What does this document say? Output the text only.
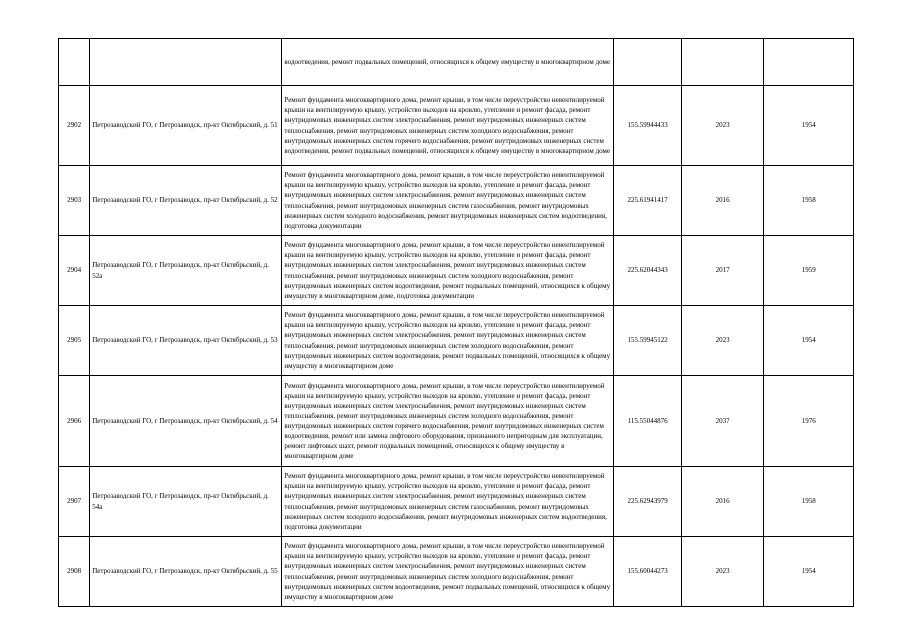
		водоотведения, ремонт подвальных помещений, относящихся к общему имуществу в многоквартирном доме			
2902	Петрозаводский ГО, г Петрозаводск, пр-кт Октябрьский, д. 51	Ремонт фундамента многоквартирного дома, ремонт крыши, в том числе переустройство невентилируемой крыши на вентилируемую крышу, устройство выходов на кровлю, утепление и ремонт фасада, ремонт внутридомовых инженерных систем электроснабжения, ремонт внутридомовых инженерных систем теплоснабжения, ремонт внутридомовых инженерных систем холодного водоснабжения, ремонт внутридомовых инженерных систем горячего водоснабжения, ремонт внутридомовых инженерных систем водоотведения, ремонт подвальных помещений, относящихся к общему имуществу в многоквартирном доме	155.59944433	2023	1954
2903	Петрозаводский ГО, г Петрозаводск, пр-кт Октябрьский, д. 52	Ремонт фундамента многоквартирного дома, ремонт крыши, в том числе переустройство невентилируемой крыши на вентилируемую крышу, устройство выходов на кровлю, утепление и ремонт фасада, ремонт внутридомовых инженерных систем электроснабжения, ремонт внутридомовых инженерных систем теплоснабжения, ремонт внутридомовых инженерных систем газоснабжения, ремонт внутридомовых инженерных систем холодного водоснабжения, ремонт внутридомовых инженерных систем водоотведения, подготовка документации	225.61941417	2016	1958
2904	Петрозаводский ГО, г Петрозаводск, пр-кт Октябрьский, д. 52а	Ремонт фундамента многоквартирного дома, ремонт крыши, в том числе переустройство невентилируемой крыши на вентилируемую крышу, устройство выходов на кровлю, утепление и ремонт фасада, ремонт внутридомовых инженерных систем электроснабжения, ремонт внутридомовых инженерных систем теплоснабжения, ремонт внутридомовых инженерных систем холодного водоснабжения, ремонт внутридомовых инженерных систем водоотведения, ремонт подвальных помещений, относящихся к общему имуществу в многоквартирном доме, подготовка документации	225.62044343	2017	1959
2905	Петрозаводский ГО, г Петрозаводск, пр-кт Октябрьский, д. 53	Ремонт фундамента многоквартирного дома, ремонт крыши, в том числе переустройство невентилируемой крыши на вентилируемую крышу, устройство выходов на кровлю, утепление и ремонт фасада, ремонт внутридомовых инженерных систем электроснабжения, ремонт внутридомовых инженерных систем теплоснабжения, ремонт внутридомовых инженерных систем холодного водоснабжения, ремонт внутридомовых инженерных систем водоотведения, ремонт подвальных помещений, относящихся к общему имуществу в многоквартирном доме	155.59945122	2023	1954
2906	Петрозаводский ГО, г Петрозаводск, пр-кт Октябрьский, д. 54	Ремонт фундамента многоквартирного дома, ремонт крыши, в том числе переустройство невентилируемой крыши на вентилируемую крышу, устройство выходов на кровлю, утепление и ремонт фасада, ремонт внутридомовых инженерных систем электроснабжения, ремонт внутридомовых инженерных систем теплоснабжения, ремонт внутридомовых инженерных систем холодного водоснабжения, ремонт внутридомовых инженерных систем горячего водоснабжения, ремонт внутридомовых инженерных систем водоотведения, ремонт или замена лифтового оборудования, признанного непригодным для эксплуатации, ремонт лифтовых шахт, ремонт подвальных помещений, относящихся к общему имуществу в многоквартирном доме	115.55044876	2037	1976
2907	Петрозаводский ГО, г Петрозаводск, пр-кт Октябрьский, д. 54а	Ремонт фундамента многоквартирного дома, ремонт крыши, в том числе переустройство невентилируемой крыши на вентилируемую крышу, устройство выходов на кровлю, утепление и ремонт фасада, ремонт внутридомовых инженерных систем электроснабжения, ремонт внутридомовых инженерных систем теплоснабжения, ремонт внутридомовых инженерных систем газоснабжения, ремонт внутридомовых инженерных систем холодного водоснабжения, ремонт внутридомовых инженерных систем водоотведения, подготовка документации	225.62943979	2016	1958
2908	Петрозаводский ГО, г Петрозаводск, пр-кт Октябрьский, д. 55	Ремонт фундамента многоквартирного дома, ремонт крыши, в том числе переустройство невентилируемой крыши на вентилируемую крышу, устройство выходов на кровлю, утепление и ремонт фасада, ремонт внутридомовых инженерных систем электроснабжения, ремонт внутридомовых инженерных систем теплоснабжения, ремонт внутридомовых инженерных систем холодного водоснабжения, ремонт внутридомовых инженерных систем водоотведения, ремонт подвальных помещений, относящихся к общему имуществу в многоквартирном доме	155.60044273	2023	1954
